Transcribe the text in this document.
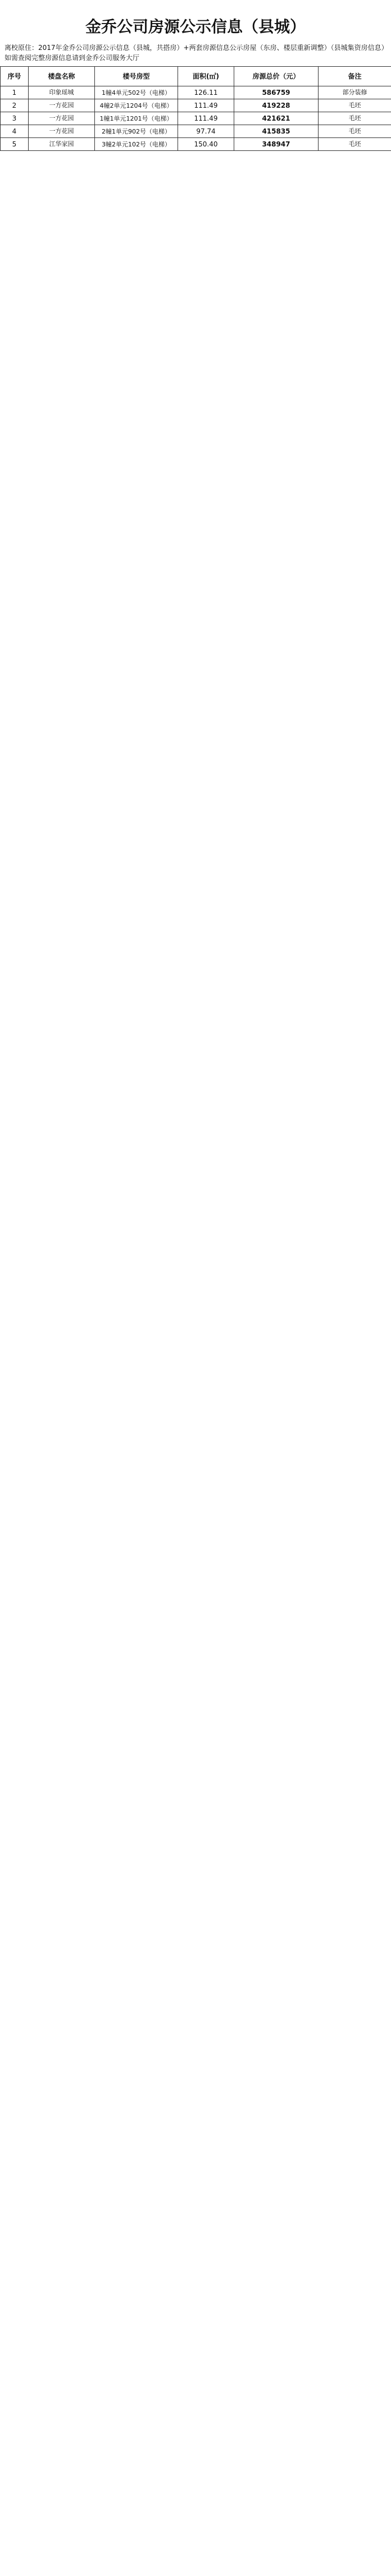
金乔公司房源公示信息（县城）
离校原住：2017年金乔公司房源公示信息（县城，共搭房）+两套房源信息公示房屋（东房、楼层重新调整）（县城集资房信息）如需查阅完整房源信息请到金乔公司服务大厅
序号	楼盘名称	楼号房型	面积(㎡)	房源总价（元）	备注
1	印象瑶城	1幢4单元502号（电梯）	126.11	586759	部分装修
2	一方花园	4幢2单元1204号（电梯）	111.49	419228	毛坯
3	一方花园	1幢1单元1201号（电梯）	111.49	421621	毛坯
4	一方花园	2幢1单元902号（电梯）	97.74	415835	毛坯
5	江华家园	3幢2单元102号（电梯）	150.40	348947	毛坯
